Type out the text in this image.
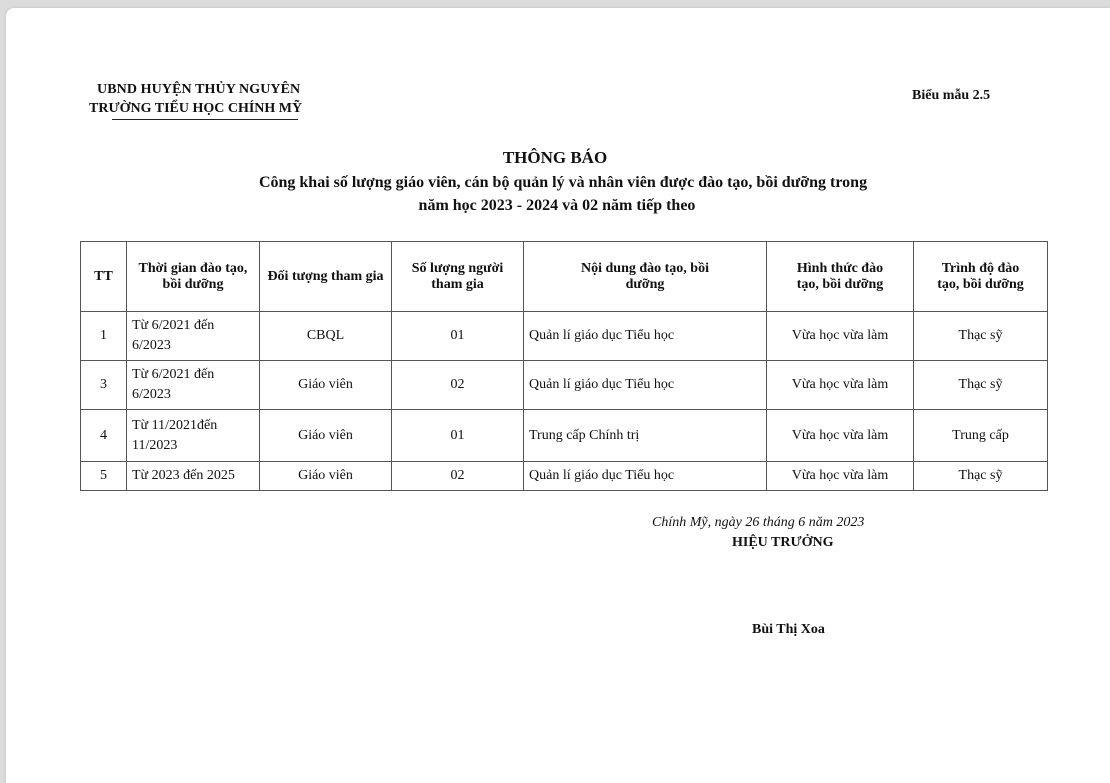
UBND HUYỆN THỦY NGUYÊN
TRƯỜNG TIỂU HỌC CHÍNH MỸ
Biểu mẫu 2.5
THÔNG BÁO
Công khai số lượng giáo viên, cán bộ quản lý và nhân viên được đào tạo, bồi dưỡng trong
năm học 2023 - 2024 và 02 năm tiếp theo
TT	Thời gian đào tạo, bồi dưỡng	Đối tượng tham gia	Số lượng người tham gia	Nội dung đào tạo, bồi dưỡng	Hình thức đào tạo, bồi dưỡng	Trình độ đào tạo, bồi dưỡng
1	Từ 6/2021 đến 6/2023	CBQL	01	Quản lí giáo dục Tiểu học	Vừa học vừa làm	Thạc sỹ
3	Từ 6/2021 đến 6/2023	Giáo viên	02	Quản lí giáo dục Tiểu học	Vừa học vừa làm	Thạc sỹ
4	Từ 11/2021đến 11/2023	Giáo viên	01	Trung cấp Chính trị	Vừa học vừa làm	Trung cấp
5	Từ 2023 đến 2025	Giáo viên	02	Quản lí giáo dục Tiểu học	Vừa học vừa làm	Thạc sỹ
Chính Mỹ, ngày 26 tháng 6 năm 2023
HIỆU TRƯỞNG
Bùi Thị Xoa
